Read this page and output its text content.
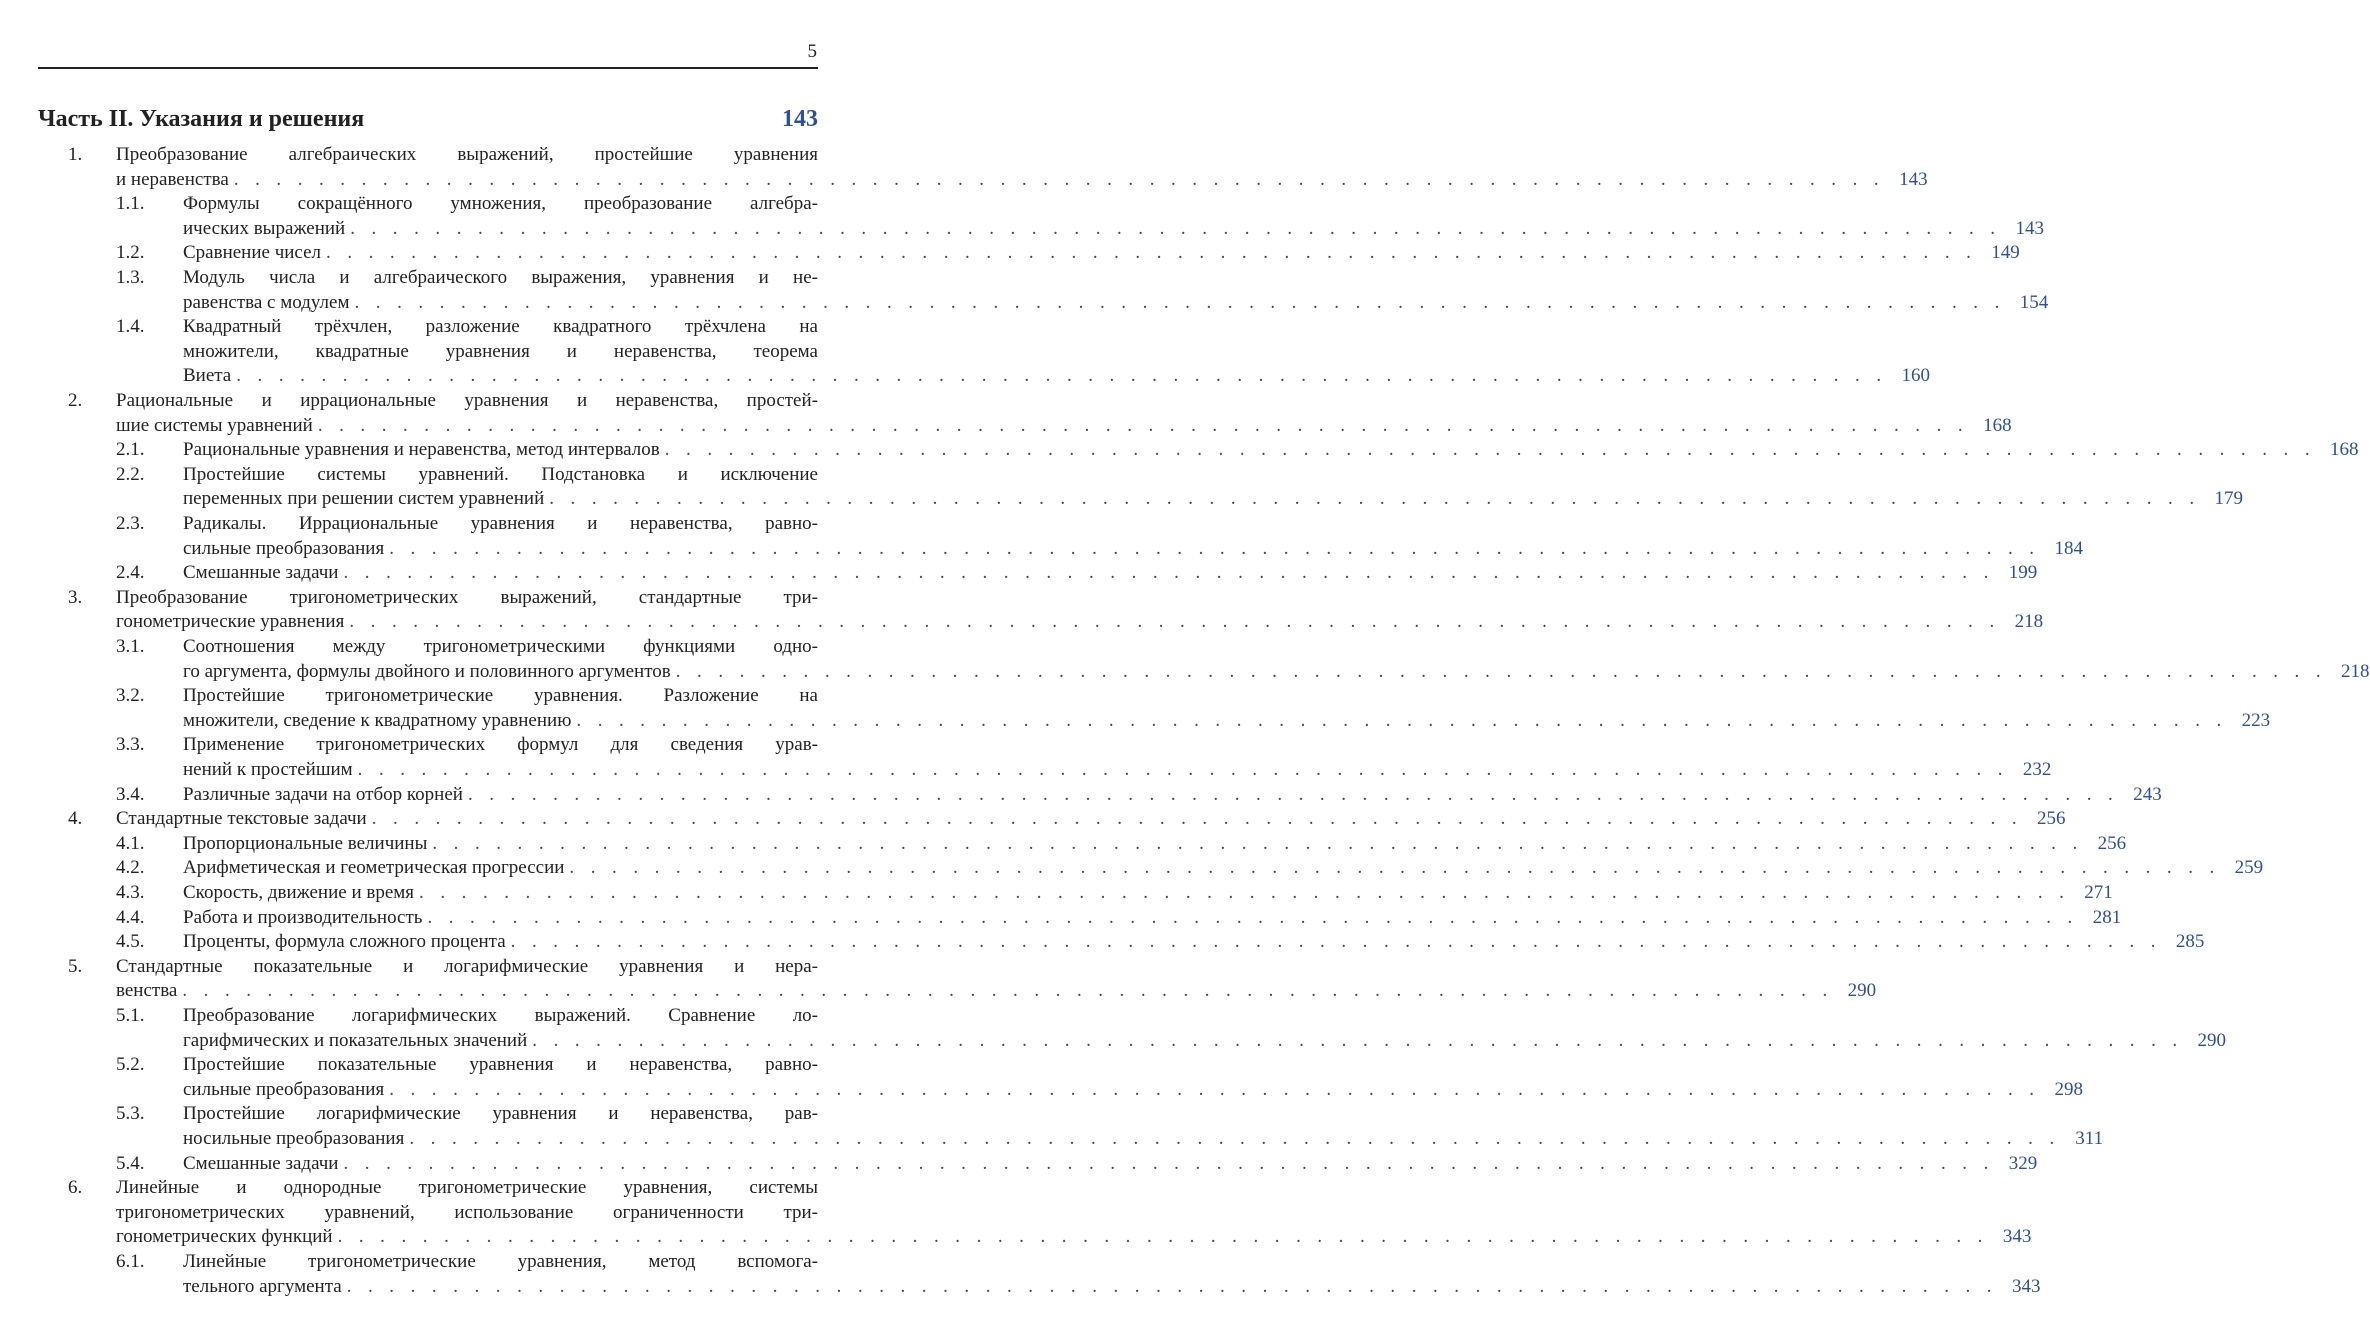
5
Часть II. Указания и решения	143
1. Преобразование алгебраических выражений, простейшие уравнения
и неравенства . . . . . . . . . . . . . . . . . . . . . . . . . . . . . . . . . . . . . . . . . . . . . . . . . . . . . . . . . . . . . . . . . . . . . . . . . . . . . . 143
1.1. Формулы сокращённого умножения, преобразование алгебра-
ических выражений . . . . . . . . . . . . . . . . . . . . . . . . . . . . . . . . . . . . . . . . . . . . . . . . . . . . . . . . . . . . . . . . . . . . . . . . . . . . . . 143
1.2. Сравнение чисел . . . . . . . . . . . . . . . . . . . . . . . . . . . . . . . . . . . . . . . . . . . . . . . . . . . . . . . . . . . . . . . . . . . . . . . . . . . . . . 149
1.3. Модуль числа и алгебраического выражения, уравнения и не-
равенства с модулем . . . . . . . . . . . . . . . . . . . . . . . . . . . . . . . . . . . . . . . . . . . . . . . . . . . . . . . . . . . . . . . . . . . . . . . . . . . . . . 154
1.4. Квадратный трёхчлен, разложение квадратного трёхчлена на
множители, квадратные уравнения и неравенства, теорема
Виета . . . . . . . . . . . . . . . . . . . . . . . . . . . . . . . . . . . . . . . . . . . . . . . . . . . . . . . . . . . . . . . . . . . . . . . . . . . . . . 160
2. Рациональные и иррациональные уравнения и неравенства, простей-
шие системы уравнений . . . . . . . . . . . . . . . . . . . . . . . . . . . . . . . . . . . . . . . . . . . . . . . . . . . . . . . . . . . . . . . . . . . . . . . . . . . . . . 168
2.1. Рациональные уравнения и неравенства, метод интервалов . . . . . . . . . . . . . . . . . . . . . . . . . . . . . . . . . . . . . . . . . . . . . . . . . . . . . . . . . . . . . . . . . . . . . . . . . . . . . . 168
2.2. Простейшие системы уравнений. Подстановка и исключение
переменных при решении систем уравнений . . . . . . . . . . . . . . . . . . . . . . . . . . . . . . . . . . . . . . . . . . . . . . . . . . . . . . . . . . . . . . . . . . . . . . . . . . . . . . 179
2.3. Радикалы. Иррациональные уравнения и неравенства, равно-
сильные преобразования . . . . . . . . . . . . . . . . . . . . . . . . . . . . . . . . . . . . . . . . . . . . . . . . . . . . . . . . . . . . . . . . . . . . . . . . . . . . . . 184
2.4. Смешанные задачи . . . . . . . . . . . . . . . . . . . . . . . . . . . . . . . . . . . . . . . . . . . . . . . . . . . . . . . . . . . . . . . . . . . . . . . . . . . . . . 199
3. Преобразование тригонометрических выражений, стандартные три-
гонометрические уравнения . . . . . . . . . . . . . . . . . . . . . . . . . . . . . . . . . . . . . . . . . . . . . . . . . . . . . . . . . . . . . . . . . . . . . . . . . . . . . . 218
3.1. Соотношения между тригонометрическими функциями одно-
го аргумента, формулы двойного и половинного аргументов . . . . . . . . . . . . . . . . . . . . . . . . . . . . . . . . . . . . . . . . . . . . . . . . . . . . . . . . . . . . . . . . . . . . . . . . . . . . . . 218
3.2. Простейшие тригонометрические уравнения. Разложение на
множители, сведение к квадратному уравнению . . . . . . . . . . . . . . . . . . . . . . . . . . . . . . . . . . . . . . . . . . . . . . . . . . . . . . . . . . . . . . . . . . . . . . . . . . . . . . 223
3.3. Применение тригонометрических формул для сведения урав-
нений к простейшим . . . . . . . . . . . . . . . . . . . . . . . . . . . . . . . . . . . . . . . . . . . . . . . . . . . . . . . . . . . . . . . . . . . . . . . . . . . . . . 232
3.4. Различные задачи на отбор корней . . . . . . . . . . . . . . . . . . . . . . . . . . . . . . . . . . . . . . . . . . . . . . . . . . . . . . . . . . . . . . . . . . . . . . . . . . . . . . 243
4. Стандартные текстовые задачи . . . . . . . . . . . . . . . . . . . . . . . . . . . . . . . . . . . . . . . . . . . . . . . . . . . . . . . . . . . . . . . . . . . . . . . . . . . . . . 256
4.1. Пропорциональные величины . . . . . . . . . . . . . . . . . . . . . . . . . . . . . . . . . . . . . . . . . . . . . . . . . . . . . . . . . . . . . . . . . . . . . . . . . . . . . . 256
4.2. Арифметическая и геометрическая прогрессии . . . . . . . . . . . . . . . . . . . . . . . . . . . . . . . . . . . . . . . . . . . . . . . . . . . . . . . . . . . . . . . . . . . . . . . . . . . . . . 259
4.3. Скорость, движение и время . . . . . . . . . . . . . . . . . . . . . . . . . . . . . . . . . . . . . . . . . . . . . . . . . . . . . . . . . . . . . . . . . . . . . . . . . . . . . . 271
4.4. Работа и производительность . . . . . . . . . . . . . . . . . . . . . . . . . . . . . . . . . . . . . . . . . . . . . . . . . . . . . . . . . . . . . . . . . . . . . . . . . . . . . . 281
4.5. Проценты, формула сложного процента . . . . . . . . . . . . . . . . . . . . . . . . . . . . . . . . . . . . . . . . . . . . . . . . . . . . . . . . . . . . . . . . . . . . . . . . . . . . . . 285
5. Стандартные показательные и логарифмические уравнения и нера-
венства . . . . . . . . . . . . . . . . . . . . . . . . . . . . . . . . . . . . . . . . . . . . . . . . . . . . . . . . . . . . . . . . . . . . . . . . . . . . . . 290
5.1. Преобразование логарифмических выражений. Сравнение ло-
гарифмических и показательных значений . . . . . . . . . . . . . . . . . . . . . . . . . . . . . . . . . . . . . . . . . . . . . . . . . . . . . . . . . . . . . . . . . . . . . . . . . . . . . . 290
5.2. Простейшие показательные уравнения и неравенства, равно-
сильные преобразования . . . . . . . . . . . . . . . . . . . . . . . . . . . . . . . . . . . . . . . . . . . . . . . . . . . . . . . . . . . . . . . . . . . . . . . . . . . . . . 298
5.3. Простейшие логарифмические уравнения и неравенства, рав-
носильные преобразования . . . . . . . . . . . . . . . . . . . . . . . . . . . . . . . . . . . . . . . . . . . . . . . . . . . . . . . . . . . . . . . . . . . . . . . . . . . . . . 311
5.4. Смешанные задачи . . . . . . . . . . . . . . . . . . . . . . . . . . . . . . . . . . . . . . . . . . . . . . . . . . . . . . . . . . . . . . . . . . . . . . . . . . . . . . 329
6. Линейные и однородные тригонометрические уравнения, системы
тригонометрических уравнений, использование ограниченности три-
гонометрических функций . . . . . . . . . . . . . . . . . . . . . . . . . . . . . . . . . . . . . . . . . . . . . . . . . . . . . . . . . . . . . . . . . . . . . . . . . . . . . . 343
6.1. Линейные тригонометрические уравнения, метод вспомога-
тельного аргумента . . . . . . . . . . . . . . . . . . . . . . . . . . . . . . . . . . . . . . . . . . . . . . . . . . . . . . . . . . . . . . . . . . . . . . . . . . . . . . 343
